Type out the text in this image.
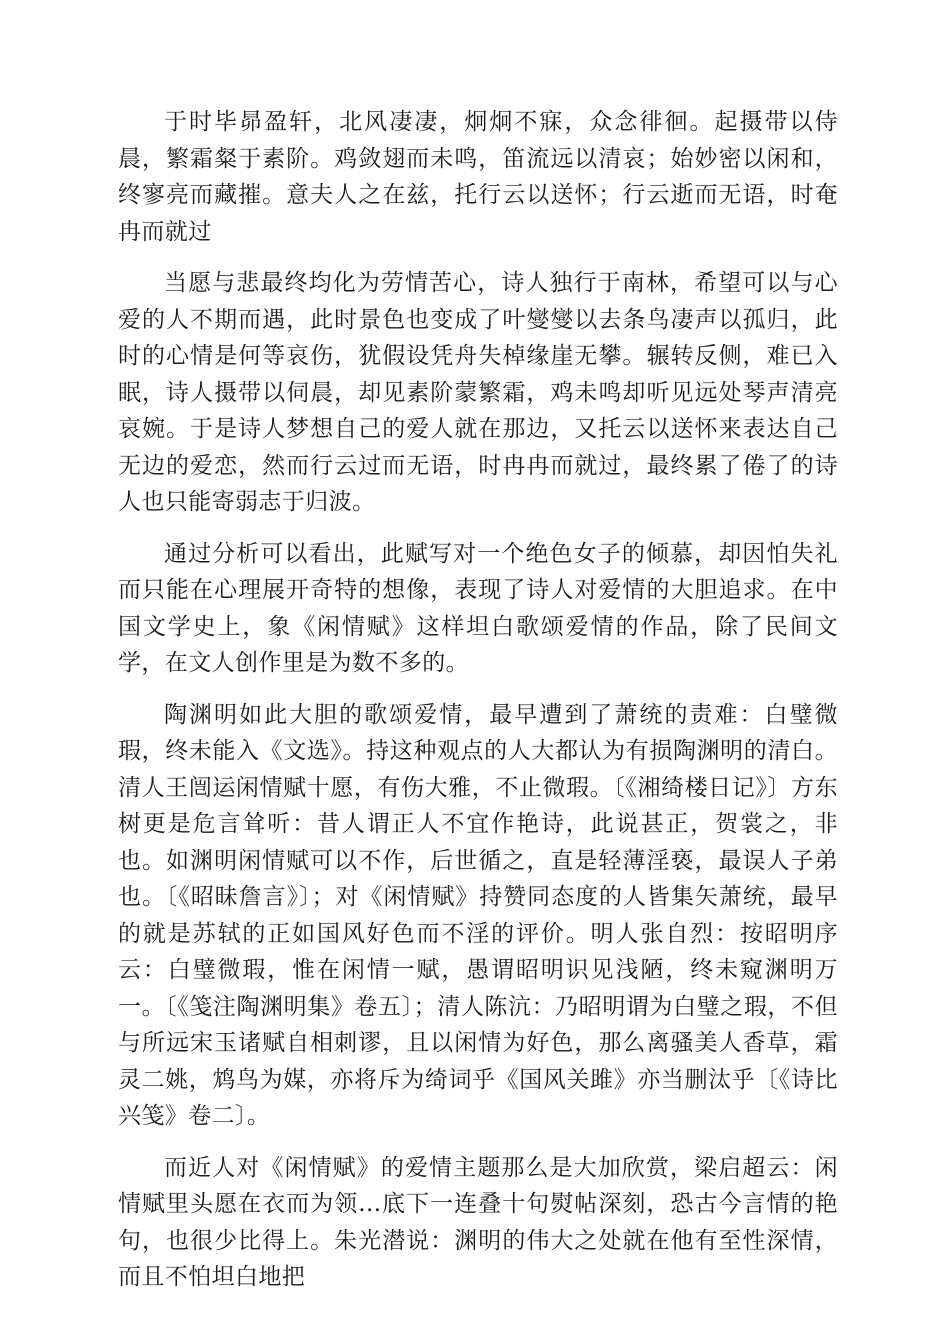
于时毕昴盈轩，北风凄凄，炯炯不寐，众念徘徊。起摄带以侍晨，繁霜粲于素阶。鸡敛翅而未鸣，笛流远以清哀；始妙密以闲和，终寥亮而藏摧。意夫人之在兹，托行云以送怀；行云逝而无语，时奄冉而就过

当愿与悲最终均化为劳情苦心，诗人独行于南林，希望可以与心爱的人不期而遇，此时景色也变成了叶燮燮以去条鸟凄声以孤归，此时的心情是何等哀伤，犹假设凭舟失棹缘崖无攀。辗转反侧，难已入眠，诗人摄带以伺晨，却见素阶蒙繁霜，鸡未鸣却听见远处琴声清亮哀婉。于是诗人梦想自己的爱人就在那边，又托云以送怀来表达自己无边的爱恋，然而行云过而无语，时冉冉而就过，最终累了倦了的诗人也只能寄弱志于归波。

通过分析可以看出，此赋写对一个绝色女子的倾慕，却因怕失礼而只能在心理展开奇特的想像，表现了诗人对爱情的大胆追求。在中国文学史上，象《闲情赋》这样坦白歌颂爱情的作品，除了民间文学，在文人创作里是为数不多的。

陶渊明如此大胆的歌颂爱情，最早遭到了萧统的责难：白璧微瑕，终未能入《文选》。持这种观点的人大都认为有损陶渊明的清白。清人王闿运闲情赋十愿，有伤大雅，不止微瑕。〔《湘绮楼日记》〕方东树更是危言耸听：昔人谓正人不宜作艳诗，此说甚正，贺裳之，非也。如渊明闲情赋可以不作，后世循之，直是轻薄淫亵，最误人子弟也。〔《昭昧詹言》〕；对《闲情赋》持赞同态度的人皆集矢萧统，最早的就是苏轼的正如国风好色而不淫的评价。明人张自烈：按昭明序云：白璧微瑕，惟在闲情一赋，愚谓昭明识见浅陋，终未窥渊明万一。〔《笺注陶渊明集》卷五〕；清人陈沆：乃昭明谓为白璧之瑕，不但与所远宋玉诸赋自相刺谬，且以闲情为好色，那么离骚美人香草，霜灵二姚，鸩鸟为媒，亦将斥为绮词乎《国风关雎》亦当删汰乎〔《诗比兴笺》卷二〕。

而近人对《闲情赋》的爱情主题那么是大加欣赏，梁启超云：闲情赋里头愿在衣而为领...底下一连叠十句熨帖深刻，恐古今言情的艳句，也很少比得上。朱光潜说：渊明的伟大之处就在他有至性深情，而且不怕坦白地把
